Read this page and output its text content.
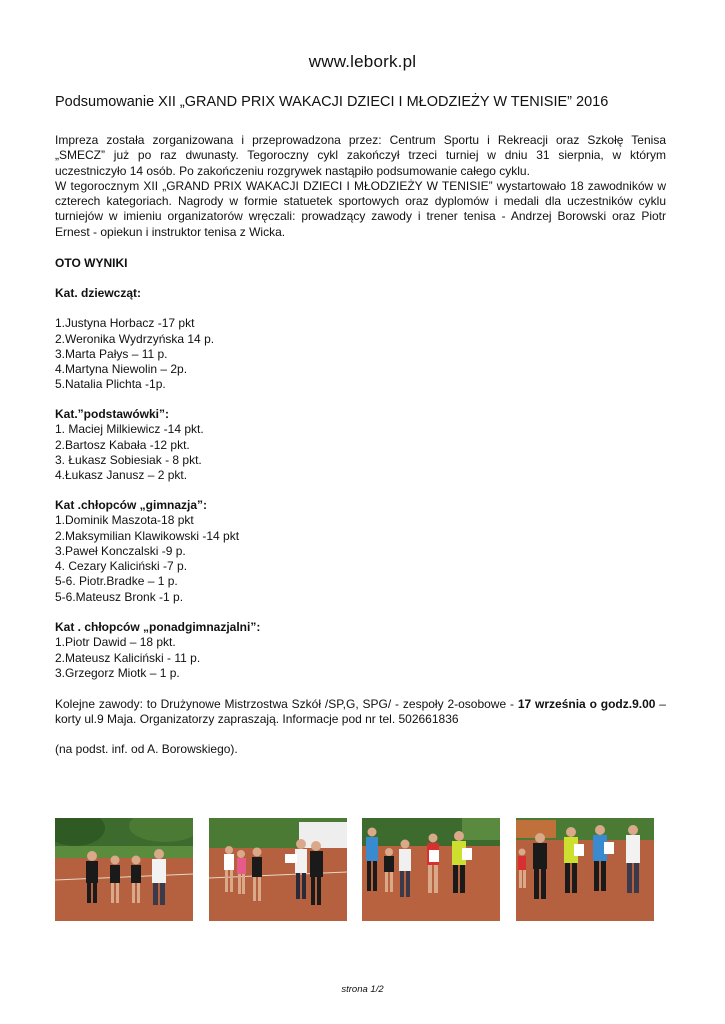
www.lebork.pl
Podsumowanie XII „GRAND PRIX WAKACJI DZIECI I MŁODZIEŻY W TENISIE” 2016

Impreza została zorganizowana i przeprowadzona przez: Centrum Sportu i Rekreacji oraz Szkołę Tenisa

„SMECZ” już po raz dwunasty. Tegoroczny cykl zakończył trzeci turniej w dniu 31 sierpnia, w którym

uczestniczyło 14 osób. Po zakończeniu rozgrywek nastąpiło podsumowanie całego cyklu.

W tegorocznym XII „GRAND PRIX WAKACJI DZIECI I MŁODZIEŻY W TENISIE” wystartowało 18 zawodników w

czterech kategoriach. Nagrody w formie statuetek sportowych oraz dyplomów i medali dla uczestników cyklu

turniejów w imieniu organizatorów wręczali: prowadzący zawody i trener tenisa - Andrzej Borowski oraz Piotr

Ernest - opiekun i instruktor tenisa z Wicka.

OTO WYNIKI
Kat. dziewcząt:
1.Justyna Horbacz -17 pkt
2.Weronika Wydrzyńska 14 p.
3.Marta Pałys – 11 p.
4.Martyna Niewolin – 2p.
5.Natalia Plichta -1p.
Kat.”podstawówki”:
1. Maciej Milkiewicz -14 pkt.
2.Bartosz Kabała -12 pkt.
3. Łukasz Sobiesiak - 8 pkt.
4.Łukasz Janusz – 2 pkt.
Kat .chłopców „gimnazja”:
1.Dominik Maszota-18 pkt
2.Maksymilian Klawikowski -14 pkt
3.Paweł Konczalski -9 p.
4. Cezary Kaliciński -7 p.
5-6. Piotr.Bradke – 1 p.
5-6.Mateusz Bronk -1 p.
Kat . chłopców „ponadgimnazjalni”:
1.Piotr Dawid – 18 pkt.
2.Mateusz Kaliciński - 11 p.
3.Grzegorz Miotk – 1 p.

Kolejne zawody: to Drużynowe Mistrzostwa Szkół /SP,G, SPG/ - zespoły 2-osobowe - 17 września o godz.9.00 –

korty ul.9 Maja. Organizatorzy zapraszają. Informacje pod nr tel. 502661836

(na podst. inf. od A. Borowskiego).
strona 1/2
